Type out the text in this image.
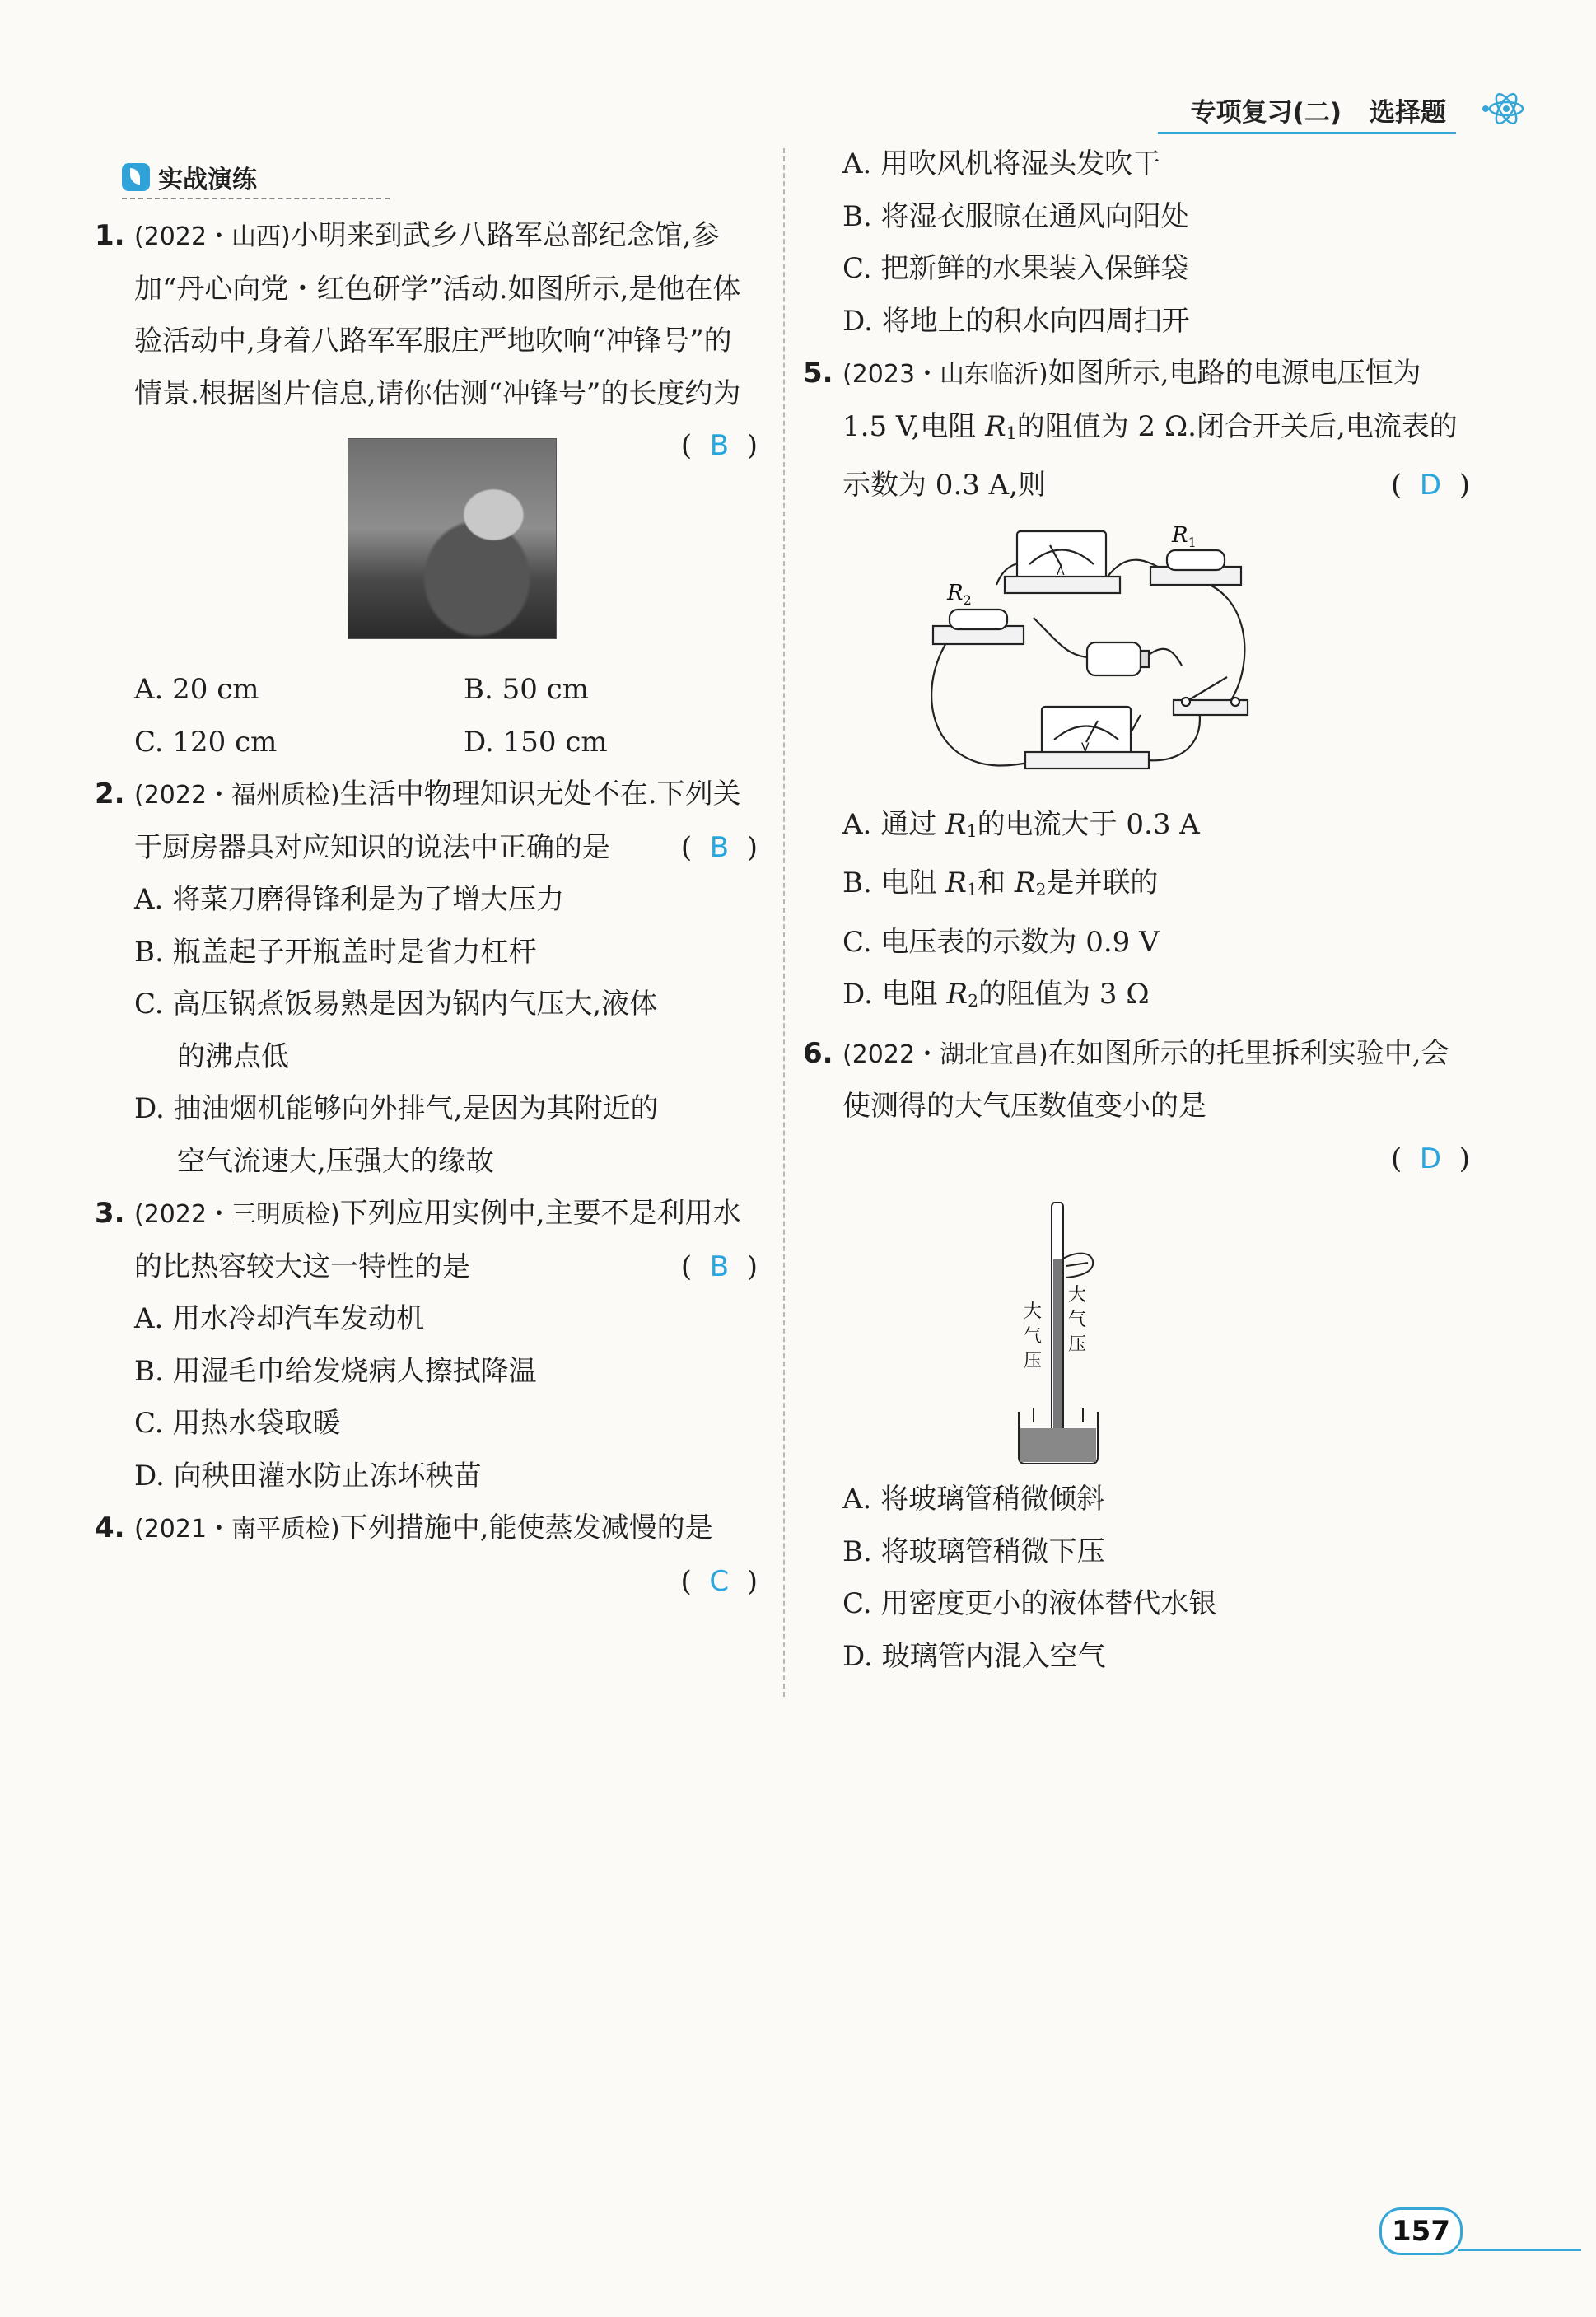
专项复习(二) 选择题
实战演练
1. (2022・山西)小明来到武乡八路军总部纪念馆,参加“丹心向党・红色研学”活动.如图所示,是他在体验活动中,身着八路军军服庄严地吹响“冲锋号”的情景.根据图片信息,请你估测“冲锋号”的长度约为
(  B  )
A. 20 cm	B. 50 cm
C. 120 cm	D. 150 cm
2. (2022・福州质检)生活中物理知识无处不在.下列关于厨房器具对应知识的说法中正确的是	(  B  )
A. 将菜刀磨得锋利是为了增大压力
B. 瓶盖起子开瓶盖时是省力杠杆
C. 高压锅煮饭易熟是因为锅内气压大,液体
的沸点低
D. 抽油烟机能够向外排气,是因为其附近的
空气流速大,压强大的缘故
3. (2022・三明质检)下列应用实例中,主要不是利用水的比热容较大这一特性的是	(  B  )
A. 用水冷却汽车发动机
B. 用湿毛巾给发烧病人擦拭降温
C. 用热水袋取暖
D. 向秧田灌水防止冻坏秧苗
4. (2021・南平质检)下列措施中,能使蒸发减慢的是
(  C  )
A. 用吹风机将湿头发吹干
B. 将湿衣服晾在通风向阳处
C. 把新鲜的水果装入保鲜袋
D. 将地上的积水向四周扫开
5. (2023・山东临沂)如图所示,电路的电源电压恒为 1.5 V,电阻 $R_1$的阻值为 2 Ω.闭合开关后,电流表的示数为 0.3 A,则	(  D  )
$R_1$
$R_2$
A
V
A. 通过 $R_1$的电流大于 0.3 A
B. 电阻 $R_1$和 $R_2$是并联的
C. 电压表的示数为 0.9 V
D. 电阻 $R_2$的阻值为 3 Ω
6. (2022・湖北宜昌)在如图所示的托里拆利实验中,会使测得的大气压数值变小的是
(  D  )
大气压
大气压
A. 将玻璃管稍微倾斜
B. 将玻璃管稍微下压
C. 用密度更小的液体替代水银
D. 玻璃管内混入空气
157
